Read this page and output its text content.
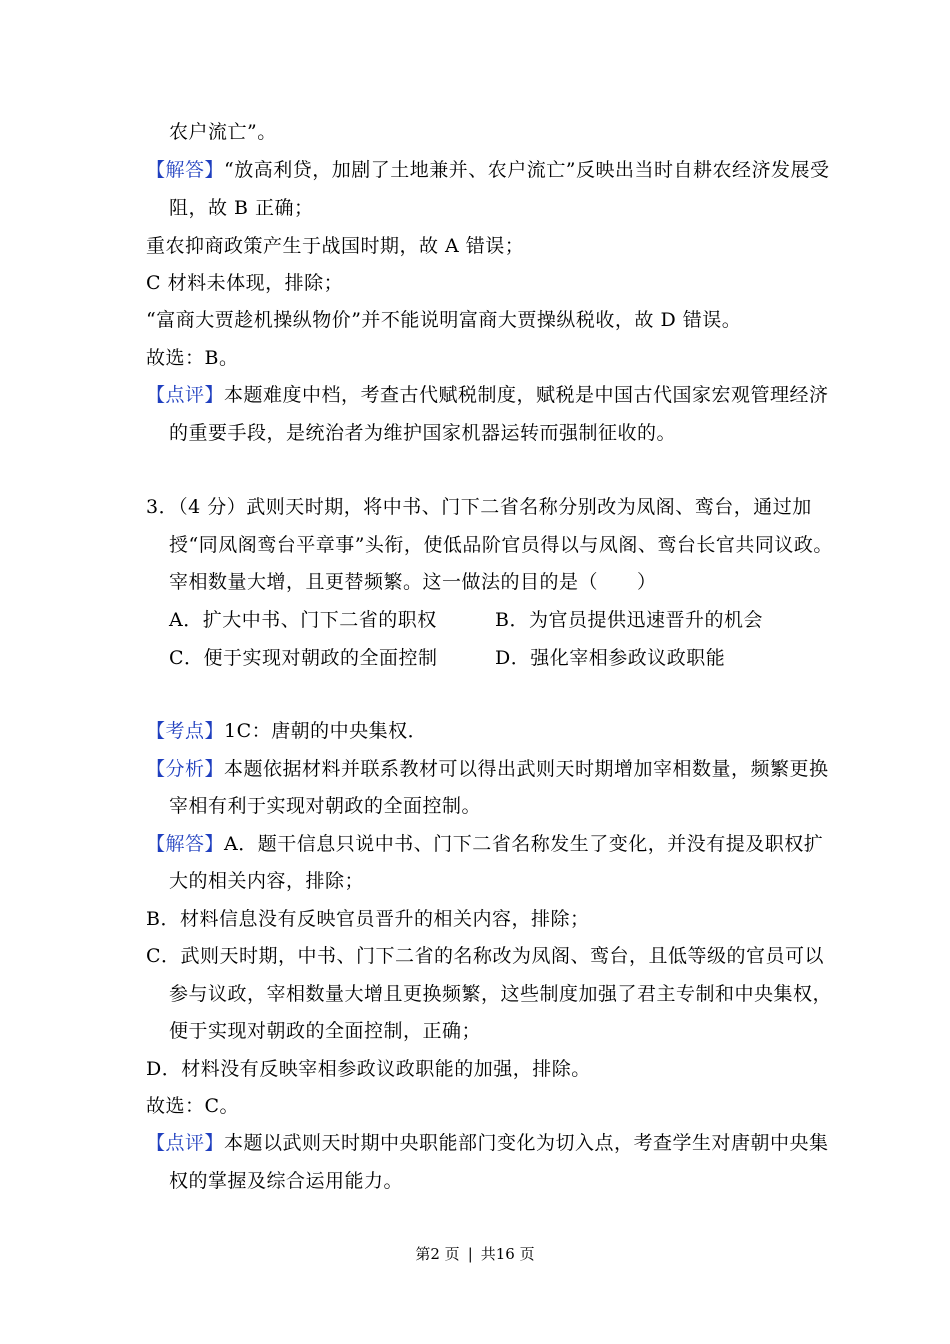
农户流亡”。
【解答】“放高利贷，加剧了土地兼并、农户流亡”反映出当时自耕农经济发展受
阻，故 B 正确；
重农抑商政策产生于战国时期，故 A 错误；
C 材料未体现，排除；
“富商大贾趁机操纵物价”并不能说明富商大贾操纵税收，故 D 错误。
故选：B。
【点评】本题难度中档，考查古代赋税制度，赋税是中国古代国家宏观管理经济
的重要手段，是统治者为维护国家机器运转而强制征收的。
3．（4 分）武则天时期，将中书、门下二省名称分别改为凤阁、鸾台，通过加
授“同凤阁鸾台平章事”头衔，使低品阶官员得以与凤阁、鸾台长官共同议政。
宰相数量大增，且更替频繁。这一做法的目的是（　　）
A．扩大中书、门下二省的职权	B．为官员提供迅速晋升的机会
C．便于实现对朝政的全面控制	D．强化宰相参政议政职能
【考点】1C：唐朝的中央集权．
【分析】本题依据材料并联系教材可以得出武则天时期增加宰相数量，频繁更换
宰相有利于实现对朝政的全面控制。
【解答】A．题干信息只说中书、门下二省名称发生了变化，并没有提及职权扩
大的相关内容，排除；
B．材料信息没有反映官员晋升的相关内容，排除；
C．武则天时期，中书、门下二省的名称改为凤阁、鸾台，且低等级的官员可以
参与议政，宰相数量大增且更换频繁，这些制度加强了君主专制和中央集权，
便于实现对朝政的全面控制，正确；
D．材料没有反映宰相参政议政职能的加强，排除。
故选：C。
【点评】本题以武则天时期中央职能部门变化为切入点，考查学生对唐朝中央集
权的掌握及综合运用能力。
第2 页 | 共16 页
